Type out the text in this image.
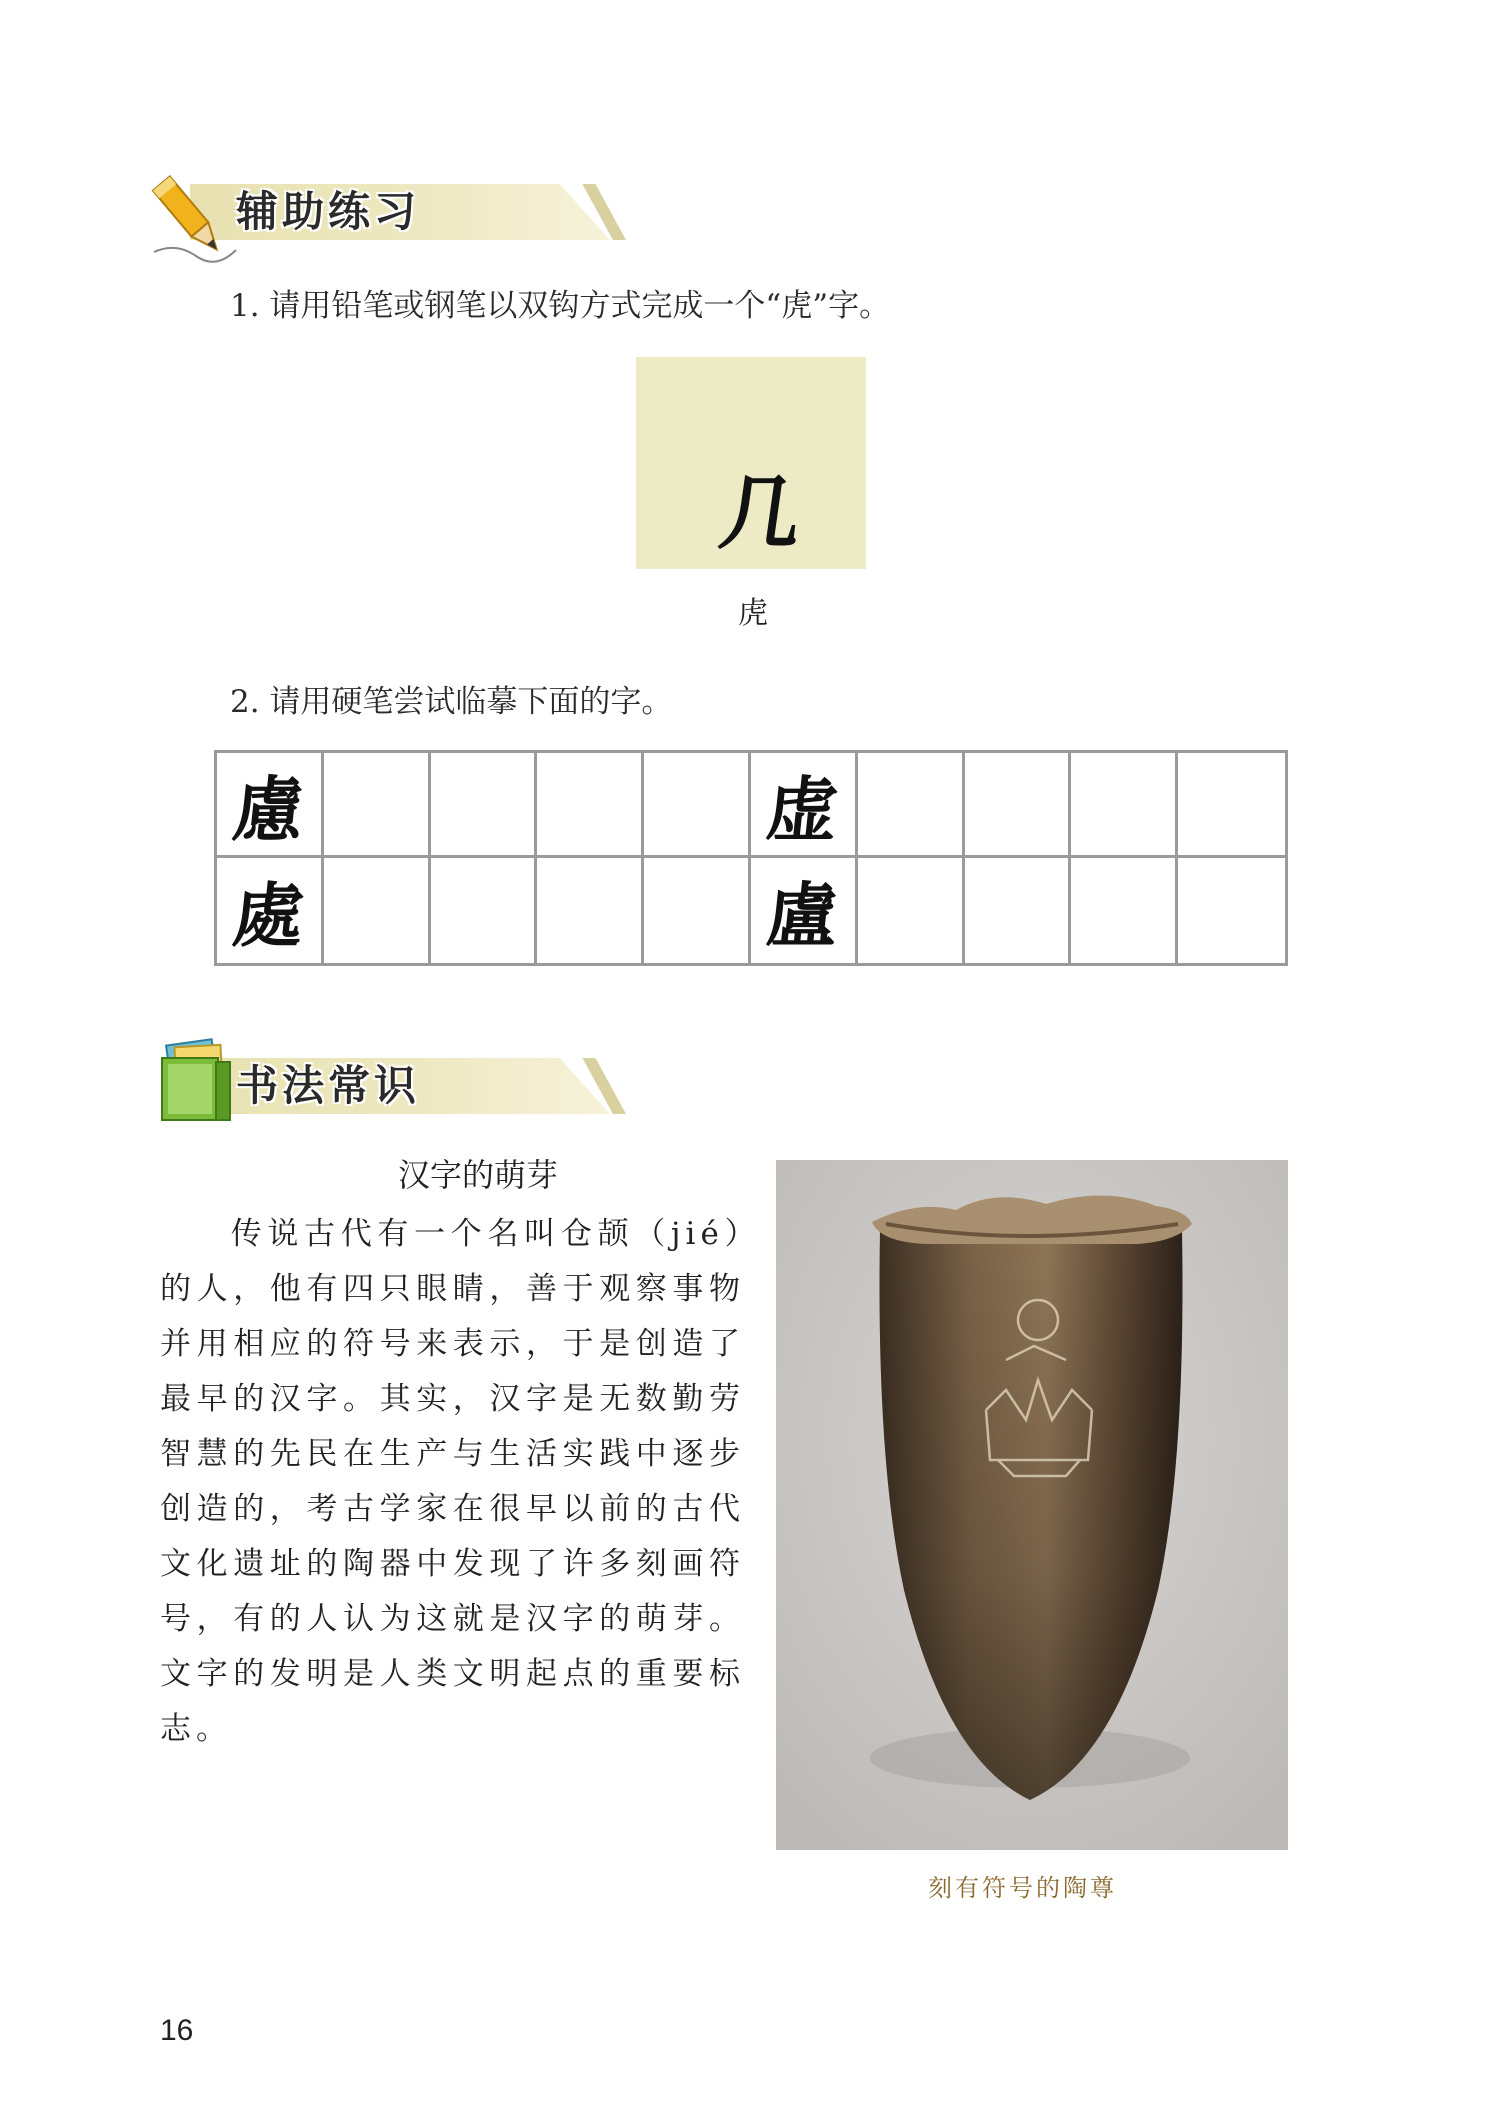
辅助练习
1. 请用铅笔或钢笔以双钩方式完成一个“虎”字。
几
虎
2. 请用硬笔尝试临摹下面的字。
慮	虚
處	盧
书法常识
汉字的萌芽
传说古代有一个名叫仓颉（jié）的人，他有四只眼睛，善于观察事物并用相应的符号来表示，于是创造了最早的汉字。其实，汉字是无数勤劳智慧的先民在生产与生活实践中逐步创造的，考古学家在很早以前的古代文化遗址的陶器中发现了许多刻画符号，有的人认为这就是汉字的萌芽。文字的发明是人类文明起点的重要标志。
刻有符号的陶尊
16
